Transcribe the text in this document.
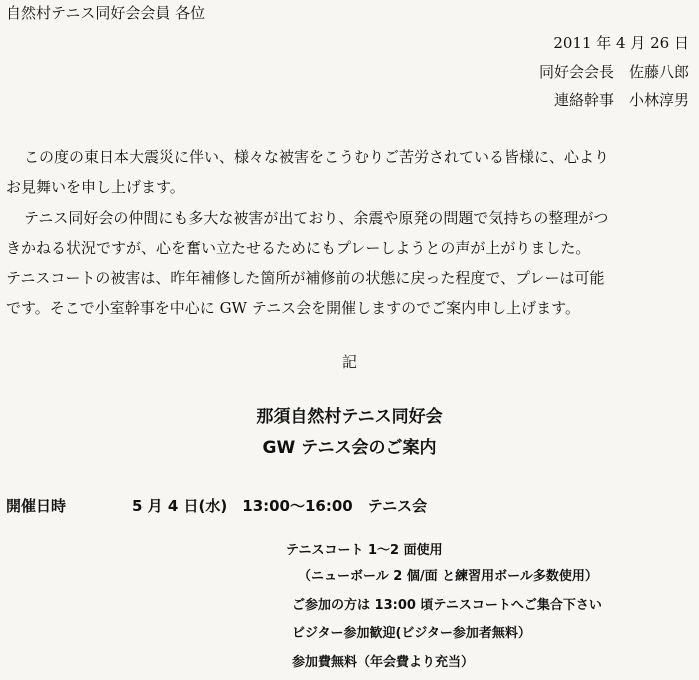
自然村テニス同好会会員 各位
2011 年 4 月 26 日
同好会会長　佐藤八郎
連絡幹事　小林淳男
この度の東日本大震災に伴い、様々な被害をこうむりご苦労されている皆様に、心より
お見舞いを申し上げます。
テニス同好会の仲間にも多大な被害が出ており、余震や原発の問題で気持ちの整理がつ
きかねる状況ですが、心を奮い立たせるためにもプレーしようとの声が上がりました。
テニスコートの被害は、昨年補修した箇所が補修前の状態に戻った程度で、プレーは可能
です。そこで小室幹事を中心に GW テニス会を開催しますのでご案内申し上げます。
記
那須自然村テニス同好会
GW テニス会のご案内
開催日時	5 月 4 日(水)　13:00～16:00　テニス会
テニスコート 1～2 面使用
（ニューボール 2 個/面 と練習用ボール多数使用）
ご参加の方は 13:00 頃テニスコートへご集合下さい
ビジター参加歓迎(ビジター参加者無料）
参加費無料（年会費より充当）
